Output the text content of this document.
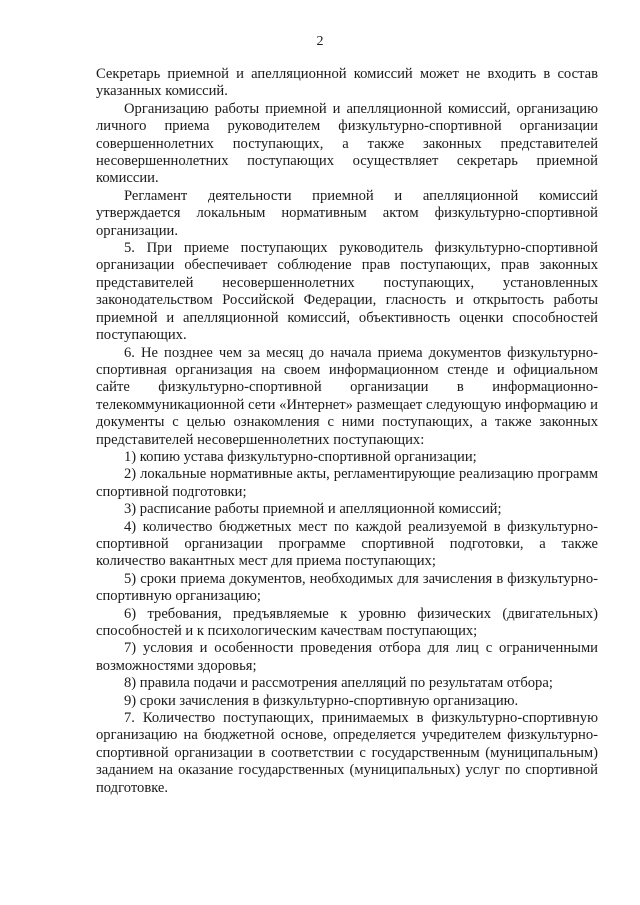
2

Секретарь приемной и апелляционной комиссий может не входить в состав указанных комиссий.

Организацию работы приемной и апелляционной комиссий, организацию личного приема руководителем физкультурно-спортивной организации совершеннолетних поступающих, а также законных представителей несовершеннолетних поступающих осуществляет секретарь приемной комиссии.

Регламент деятельности приемной и апелляционной комиссий утверждается локальным нормативным актом физкультурно-спортивной организации.

5. При приеме поступающих руководитель физкультурно-спортивной организации обеспечивает соблюдение прав поступающих, прав законных представителей несовершеннолетних поступающих, установленных законодательством Российской Федерации, гласность и открытость работы приемной и апелляционной комиссий, объективность оценки способностей поступающих.

6. Не позднее чем за месяц до начала приема документов физкультурно-спортивная организация на своем информационном стенде и официальном сайте физкультурно-спортивной организации в информационно-телекоммуникационной сети «Интернет» размещает следующую информацию и документы с целью ознакомления с ними поступающих, а также законных представителей несовершеннолетних поступающих:

1) копию устава физкультурно-спортивной организации;

2) локальные нормативные акты, регламентирующие реализацию программ спортивной подготовки;

3) расписание работы приемной и апелляционной комиссий;

4) количество бюджетных мест по каждой реализуемой в физкультурно-спортивной организации программе спортивной подготовки, а также количество вакантных мест для приема поступающих;

5) сроки приема документов, необходимых для зачисления в физкультурно-спортивную организацию;

6) требования, предъявляемые к уровню физических (двигательных) способностей и к психологическим качествам поступающих;

7) условия и особенности проведения отбора для лиц с ограниченными возможностями здоровья;

8) правила подачи и рассмотрения апелляций по результатам отбора;

9) сроки зачисления в физкультурно-спортивную организацию.

7. Количество поступающих, принимаемых в физкультурно-спортивную организацию на бюджетной основе, определяется учредителем физкультурно-спортивной организации в соответствии с государственным (муниципальным) заданием на оказание государственных (муниципальных) услуг по спортивной подготовке.
